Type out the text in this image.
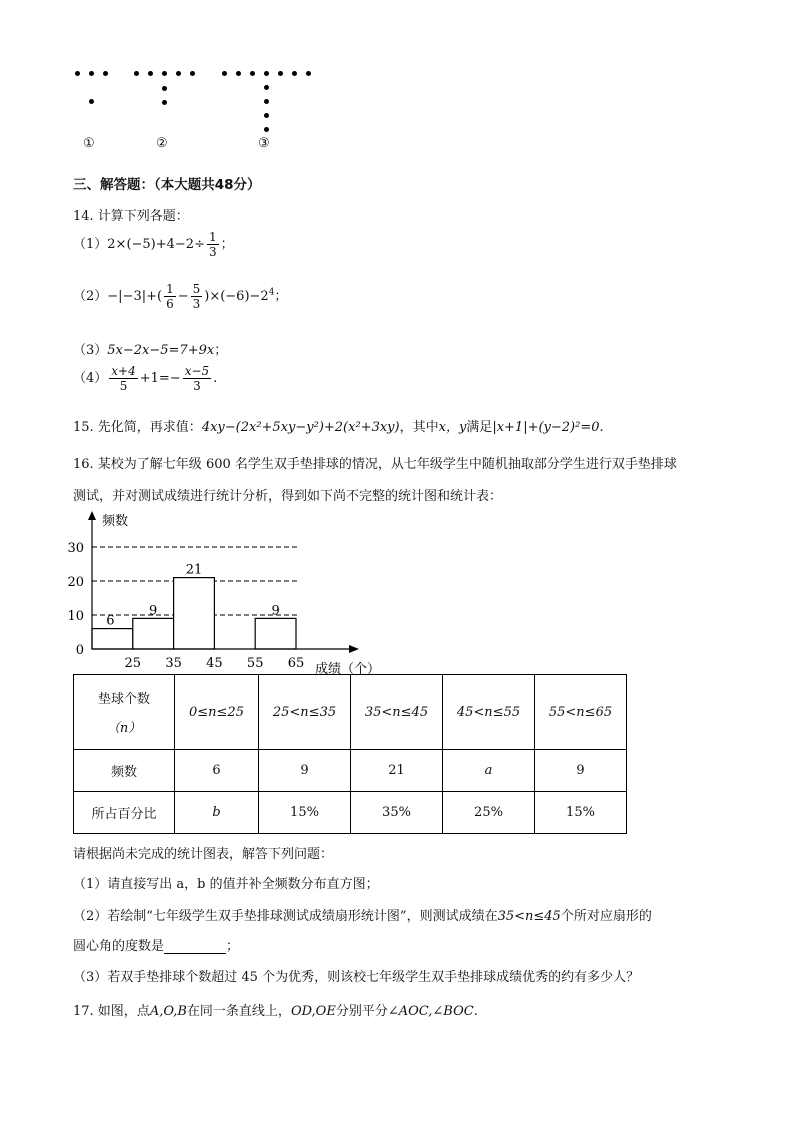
①	②	③
三、解答题：（本大题共48分）
14. 计算下列各题：
$(1)2\times(-5)+4-2\div \frac{1}{3}$ ；
$(2)-|-3|+( \frac{1}{6} - \frac{5}{3} )\times(-6)-2^4$；
（3）5x−2x−5=7+9x；
$(4) \frac{x+4}{5} +1=- \frac{x-5}{3}$ .
15. 先化简，再求值：4xy−(2x²+5xy−y²)+2(x²+3xy)，其中x，y满足|x+1|+(y−2)²=0.
16. 某校为了解七年级 600 名学生双手垫排球的情况，从七年级学生中随机抽取部分学生进行双手垫排球
测试，并对测试成绩进行统计分析，得到如下尚不完整的统计图和统计表：
6
9
21
9
0
10
20
30
25 35 45 55 65
频数
成绩（个）
垫球个数
（n）	0≤n≤25	25<n≤35	35<n≤45	45<n≤55	55<n≤65
频数	6	9	21	a	9
所占百分比	b	15%	35%	25%	15%
请根据尚未完成的统计图表，解答下列问题：
（1）请直接写出 a，b 的值并补全频数分布直方图；
（2）若绘制“七年级学生双手垫排球测试成绩扇形统计图”，则测试成绩在35<n≤45个所对应扇形的
圆心角的度数是	；
（3）若双手垫排球个数超过 45 个为优秀，则该校七年级学生双手垫排球成绩优秀的约有多少人？
17. 如图，点A,O,B在同一条直线上，OD,OE分别平分∠AOC,∠BOC.
